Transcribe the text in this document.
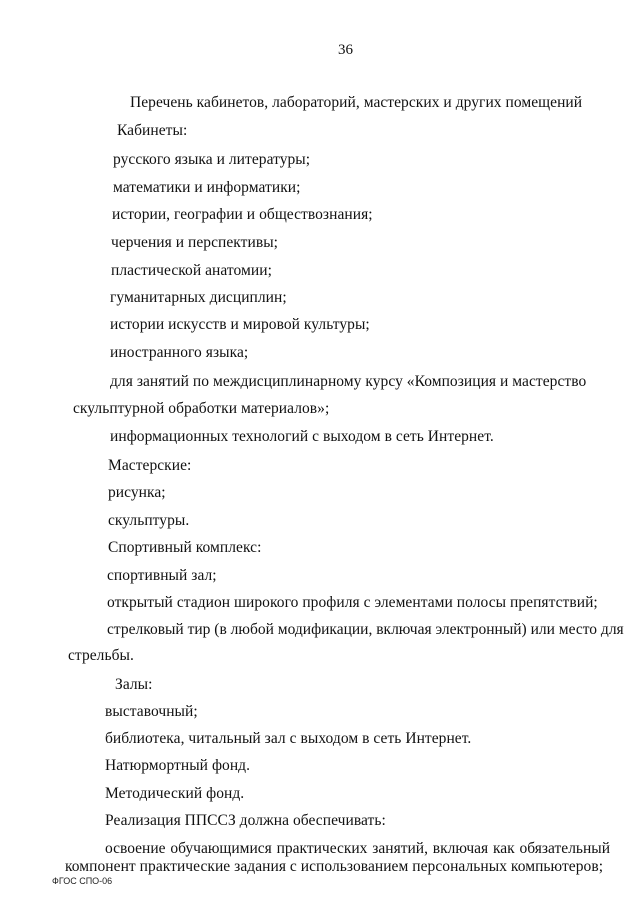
36
Перечень кабинетов, лабораторий, мастерских и других помещений
Кабинеты:
русского языка и литературы;
математики и информатики;
истории, географии и обществознания;
черчения и перспективы;
пластической анатомии;
гуманитарных дисциплин;
истории искусств и мировой культуры;
иностранного языка;
для занятий по междисциплинарному курсу «Композиция и мастерство
скульптурной обработки материалов»;
информационных технологий с выходом в сеть Интернет.
Мастерские:
рисунка;
скульптуры.
Спортивный комплекс:
спортивный зал;
открытый стадион широкого профиля с элементами полосы препятствий;
стрелковый тир (в любой модификации, включая электронный) или место для
стрельбы.
Залы:
выставочный;
библиотека, читальный зал с выходом в сеть Интернет.
Натюрмортный фонд.
Методический фонд.
Реализация ППССЗ должна обеспечивать:
освоение обучающимися практических занятий, включая как обязательный
компонент практические задания с использованием персональных компьютеров;
ФГОС СПО-06
